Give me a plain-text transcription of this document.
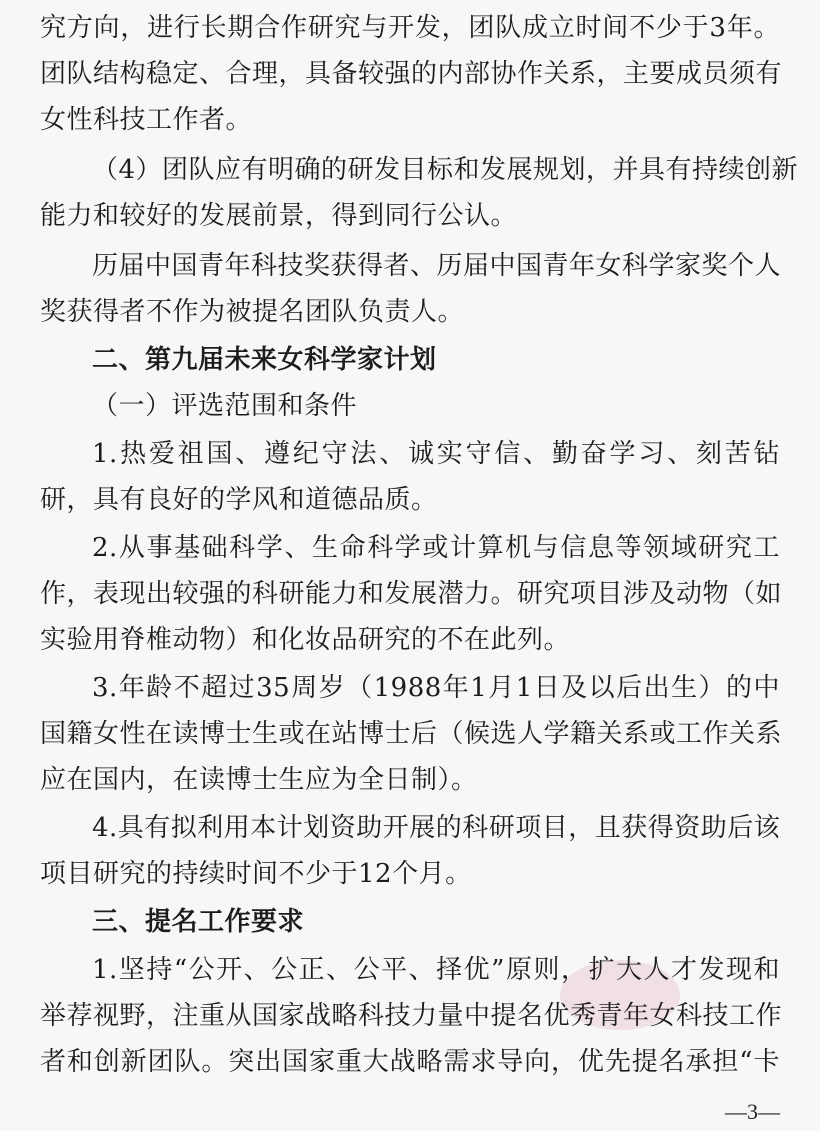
究方向，进行长期合作研究与开发，团队成立时间不少于3年。
团队结构稳定、合理，具备较强的内部协作关系，主要成员须有
女性科技工作者。
（4）团队应有明确的研发目标和发展规划，并具有持续创新
能力和较好的发展前景，得到同行公认。
历届中国青年科技奖获得者、历届中国青年女科学家奖个人
奖获得者不作为被提名团队负责人。
二、第九届未来女科学家计划
（一）评选范围和条件
1.热爱祖国、遵纪守法、诚实守信、勤奋学习、刻苦钻
研，具有良好的学风和道德品质。
2.从事基础科学、生命科学或计算机与信息等领域研究工
作，表现出较强的科研能力和发展潜力。研究项目涉及动物（如
实验用脊椎动物）和化妆品研究的不在此列。
3.年龄不超过35周岁（1988年1月1日及以后出生）的中
国籍女性在读博士生或在站博士后（候选人学籍关系或工作关系
应在国内，在读博士生应为全日制）。
4.具有拟利用本计划资助开展的科研项目，且获得资助后该
项目研究的持续时间不少于12个月。
三、提名工作要求
1.坚持“公开、公正、公平、择优”原则，扩大人才发现和
举荐视野，注重从国家战略科技力量中提名优秀青年女科技工作
者和创新团队。突出国家重大战略需求导向，优先提名承担“卡
—3—
